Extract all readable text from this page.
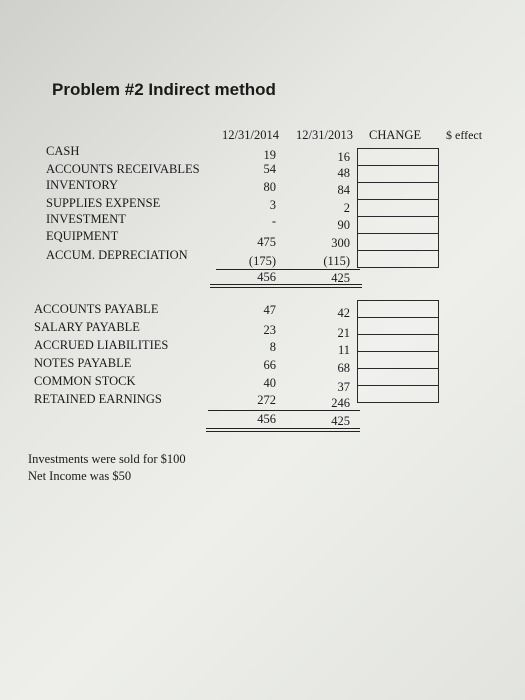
Problem #2 Indirect method
12/31/2014 12/31/2013 CHANGE $ effect
CASH	19	16
ACCOUNTS RECEIVABLES	54	48
INVENTORY	80	84
SUPPLIES EXPENSE	3	2
INVESTMENT	-	90
EQUIPMENT	475	300
ACCUM. DEPRECIATION	(175)	(115)
456	425
ACCOUNTS PAYABLE	47	42
SALARY PAYABLE	23	21
ACCRUED LIABILITIES	8	11
NOTES PAYABLE	66	68
COMMON STOCK	40	37
RETAINED EARNINGS	272	246
456	425
Investments were sold for $100
Net Income was $50
